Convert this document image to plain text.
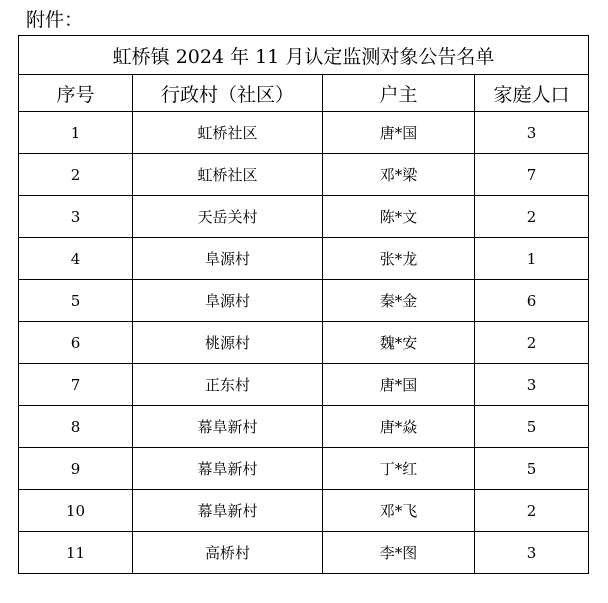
附件：
虹桥镇 2024 年 11 月认定监测对象公告名单			
序号	行政村（社区）	户主	家庭人口
1	虹桥社区	唐*国	3
2	虹桥社区	邓*梁	7
3	天岳关村	陈*文	2
4	阜源村	张*龙	1
5	阜源村	秦*金	6
6	桃源村	魏*安	2
7	正东村	唐*国	3
8	幕阜新村	唐*焱	5
9	幕阜新村	丁*红	5
10	幕阜新村	邓*飞	2
11	高桥村	李*图	3
